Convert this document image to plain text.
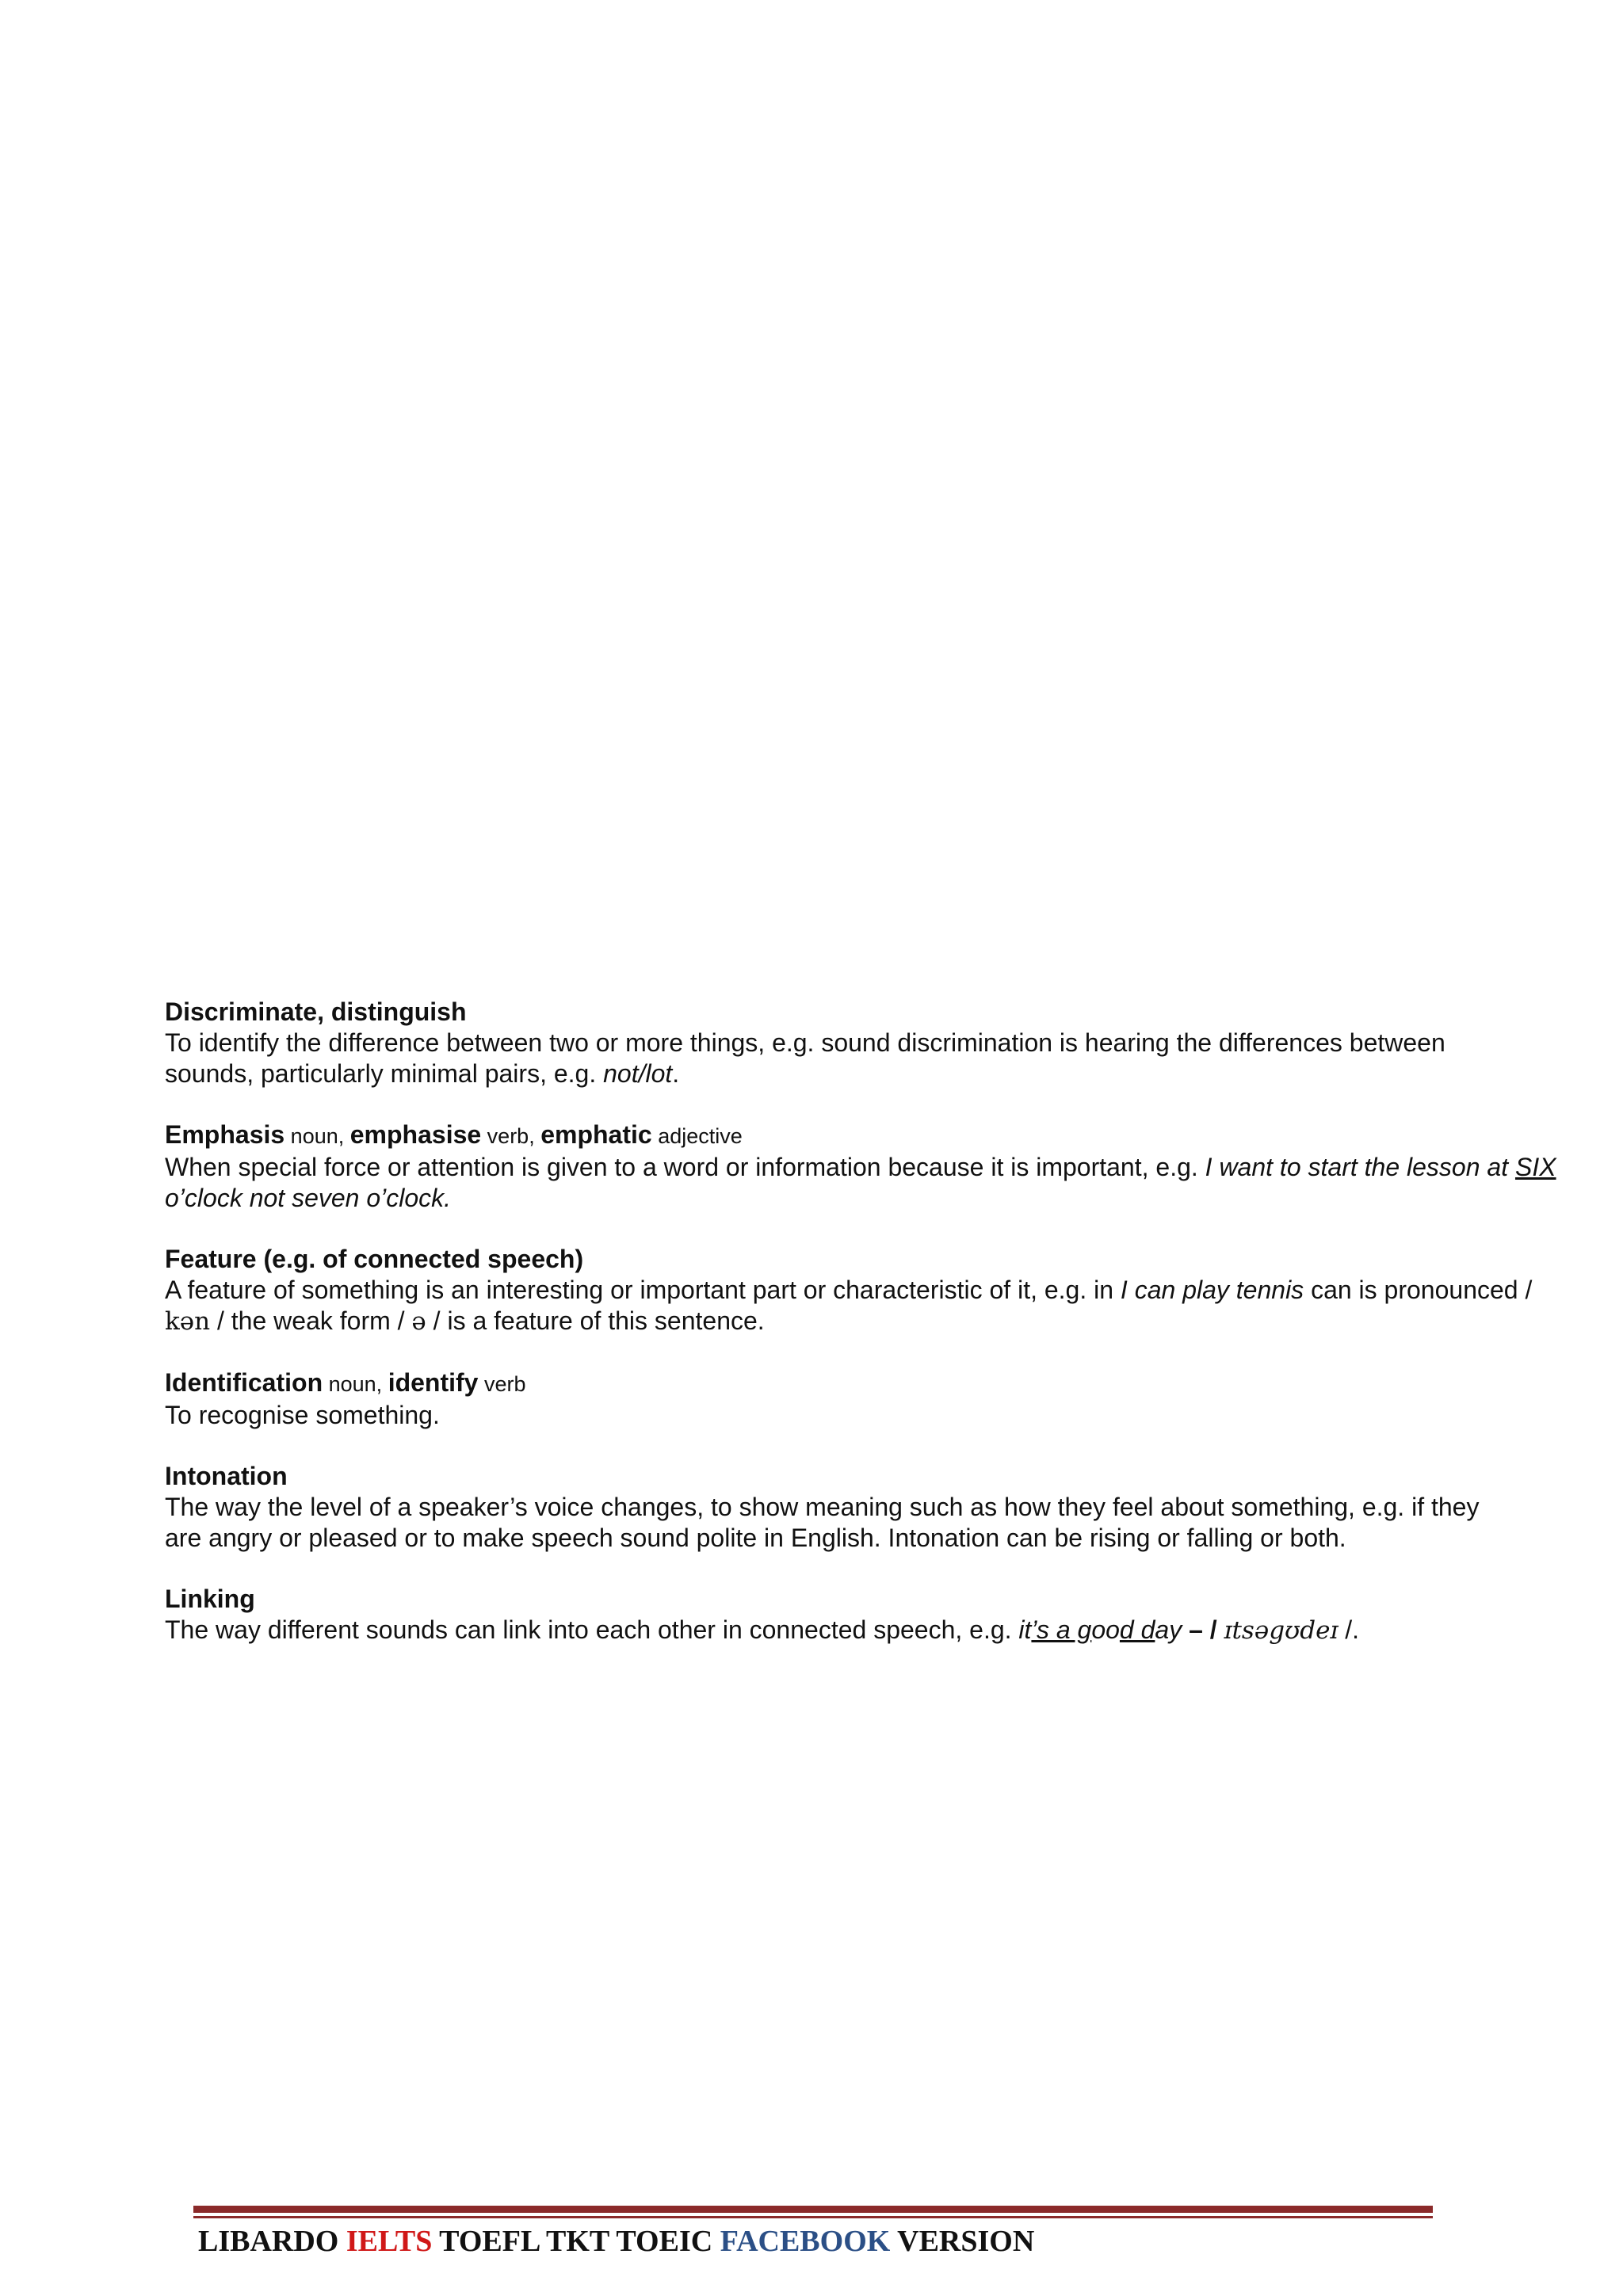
Discriminate, distinguish

To identify the difference between two or more things, e.g. sound discrimination is hearing the differences between
sounds, particularly minimal pairs, e.g. not/lot.

Emphasis noun, emphasise verb, emphatic adjective

When special force or attention is given to a word or information because it is important, e.g. I want to start the lesson at SIX o’clock not seven o’clock.

Feature (e.g. of connected speech)

A feature of something is an interesting or important part or characteristic of it, e.g. in I can play tennis can is pronounced / kən / the weak form / ə / is a feature of this sentence.

Identification noun, identify verb

To recognise something.

Intonation

The way the level of a speaker’s voice changes, to show meaning such as how they feel about something, e.g. if they
are angry or pleased or to make speech sound polite in English. Intonation can be rising or falling or both.

Linking

The way different sounds can link into each other in connected speech, e.g. it’s a good day – / ɪtsəgʊdeɪ /.

LIBARDO IELTS TOEFL TKT TOEIC FACEBOOK VERSION
